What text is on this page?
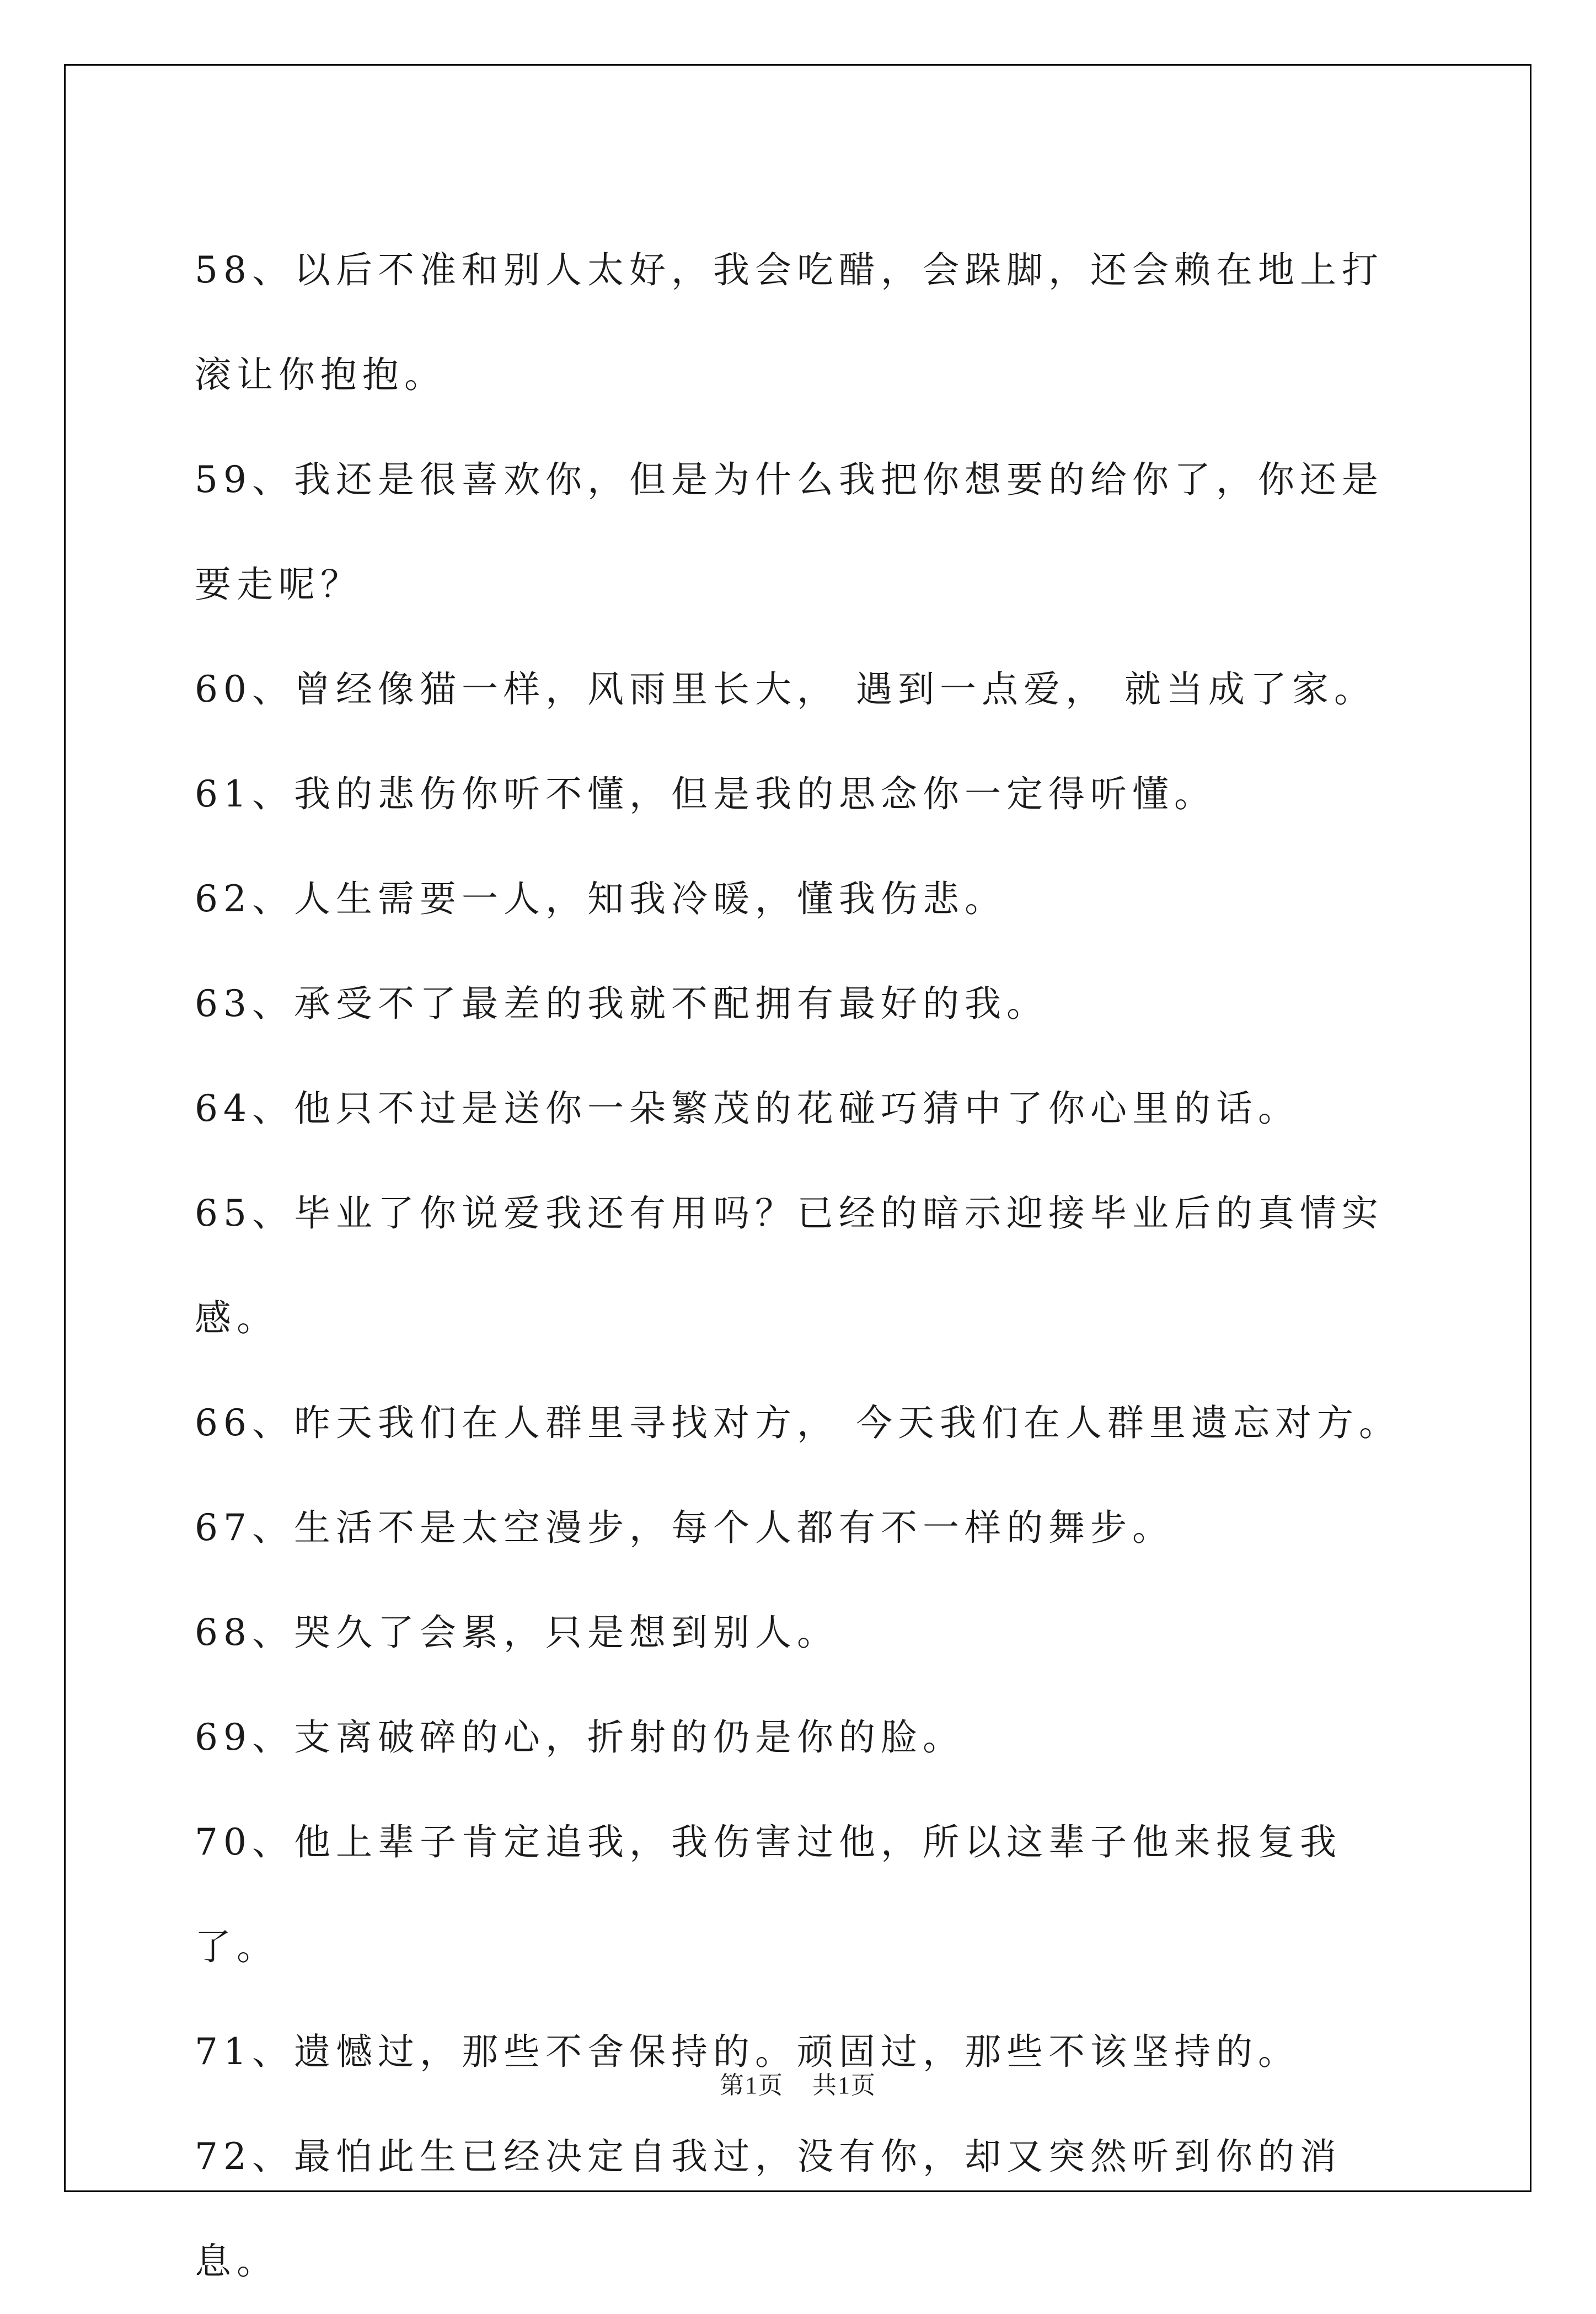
58、以后不准和别人太好，我会吃醋，会跺脚，还会赖在地上打滚让你抱抱。

59、我还是很喜欢你，但是为什么我把你想要的给你了，你还是要走呢？

60、曾经像猫一样，风雨里长大， 遇到一点爱， 就当成了家。

61、我的悲伤你听不懂，但是我的思念你一定得听懂。

62、人生需要一人，知我冷暖，懂我伤悲。

63、承受不了最差的我就不配拥有最好的我。

64、他只不过是送你一朵繁茂的花碰巧猜中了你心里的话。

65、毕业了你说爱我还有用吗？已经的暗示迎接毕业后的真情实感。

66、昨天我们在人群里寻找对方， 今天我们在人群里遗忘对方。

67、生活不是太空漫步，每个人都有不一样的舞步。

68、哭久了会累，只是想到别人。

69、支离破碎的心，折射的仍是你的脸。

70、他上辈子肯定追我，我伤害过他，所以这辈子他来报复我了。

71、遗憾过，那些不舍保持的。顽固过，那些不该坚持的。

72、最怕此生已经决定自我过，没有你，却又突然听到你的消息。

第1页 共1页
